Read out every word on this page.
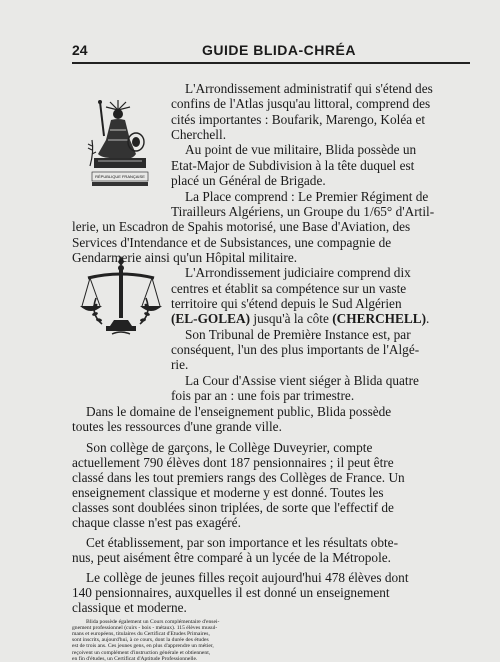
24	GUIDE BLIDA-CHRÉA
RÉPUBLIQUE FRANÇAISE
L'Arrondissement administratif qui s'étend des
confins de l'Atlas jusqu'au littoral, comprend des
cités importantes : Boufarik, Marengo, Koléa et
Cherchell.
Au point de vue militaire, Blida possède un
Etat-Major de Subdivision à la tête duquel est
placé un Général de Brigade.
La Place comprend : Le Premier Régiment de
Tirailleurs Algériens, un Groupe du 1/65° d'Artil-
lerie, un Escadron de Spahis motorisé, une Base d'Aviation, des
Services d'Intendance et de Subsistances, une compagnie de
Gendarmerie ainsi qu'un Hôpital militaire.
L'Arrondissement judiciaire comprend dix
centres et établit sa compétence sur un vaste
territoire qui s'étend depuis le Sud Algérien
(EL-GOLEA) jusqu'à la côte (CHERCHELL).
Son Tribunal de Première Instance est, par
conséquent, l'un des plus importants de l'Algé-
rie.
La Cour d'Assise vient siéger à Blida quatre
fois par an : une fois par trimestre.
Dans le domaine de l'enseignement public, Blida possède
toutes les ressources d'une grande ville.
Son collège de garçons, le Collège Duveyrier, compte
actuellement 790 élèves dont 187 pensionnaires ; il peut être
classé dans les tout premiers rangs des Collèges de France. Un
enseignement classique et moderne y est donné. Toutes les
classes sont doublées sinon triplées, de sorte que l'effectif de
chaque classe n'est pas exagéré.
Cet établissement, par son importance et les résultats obte-
nus, peut aisément être comparé à un lycée de la Métropole.
Le collège de jeunes filles reçoit aujourd'hui 478 élèves dont
140 pensionnaires, auxquelles il est donné un enseignement
classique et moderne.
Blida possède également un Cours complémentaire d'ensei-
gnement professionnel (cuirs - bois - métaux). 115 élèves musul-
mans et européens, titulaires du Certificat d'Etudes Primaires,
sont inscrits, aujourd'hui, à ce cours, dont la durée des études
est de trois ans. Ces jeunes gens, en plus d'apprendre un métier,
reçoivent un complément d'instruction générale et obtiennent,
en fin d'études, un Certificat d'Aptitude Professionnelle.
